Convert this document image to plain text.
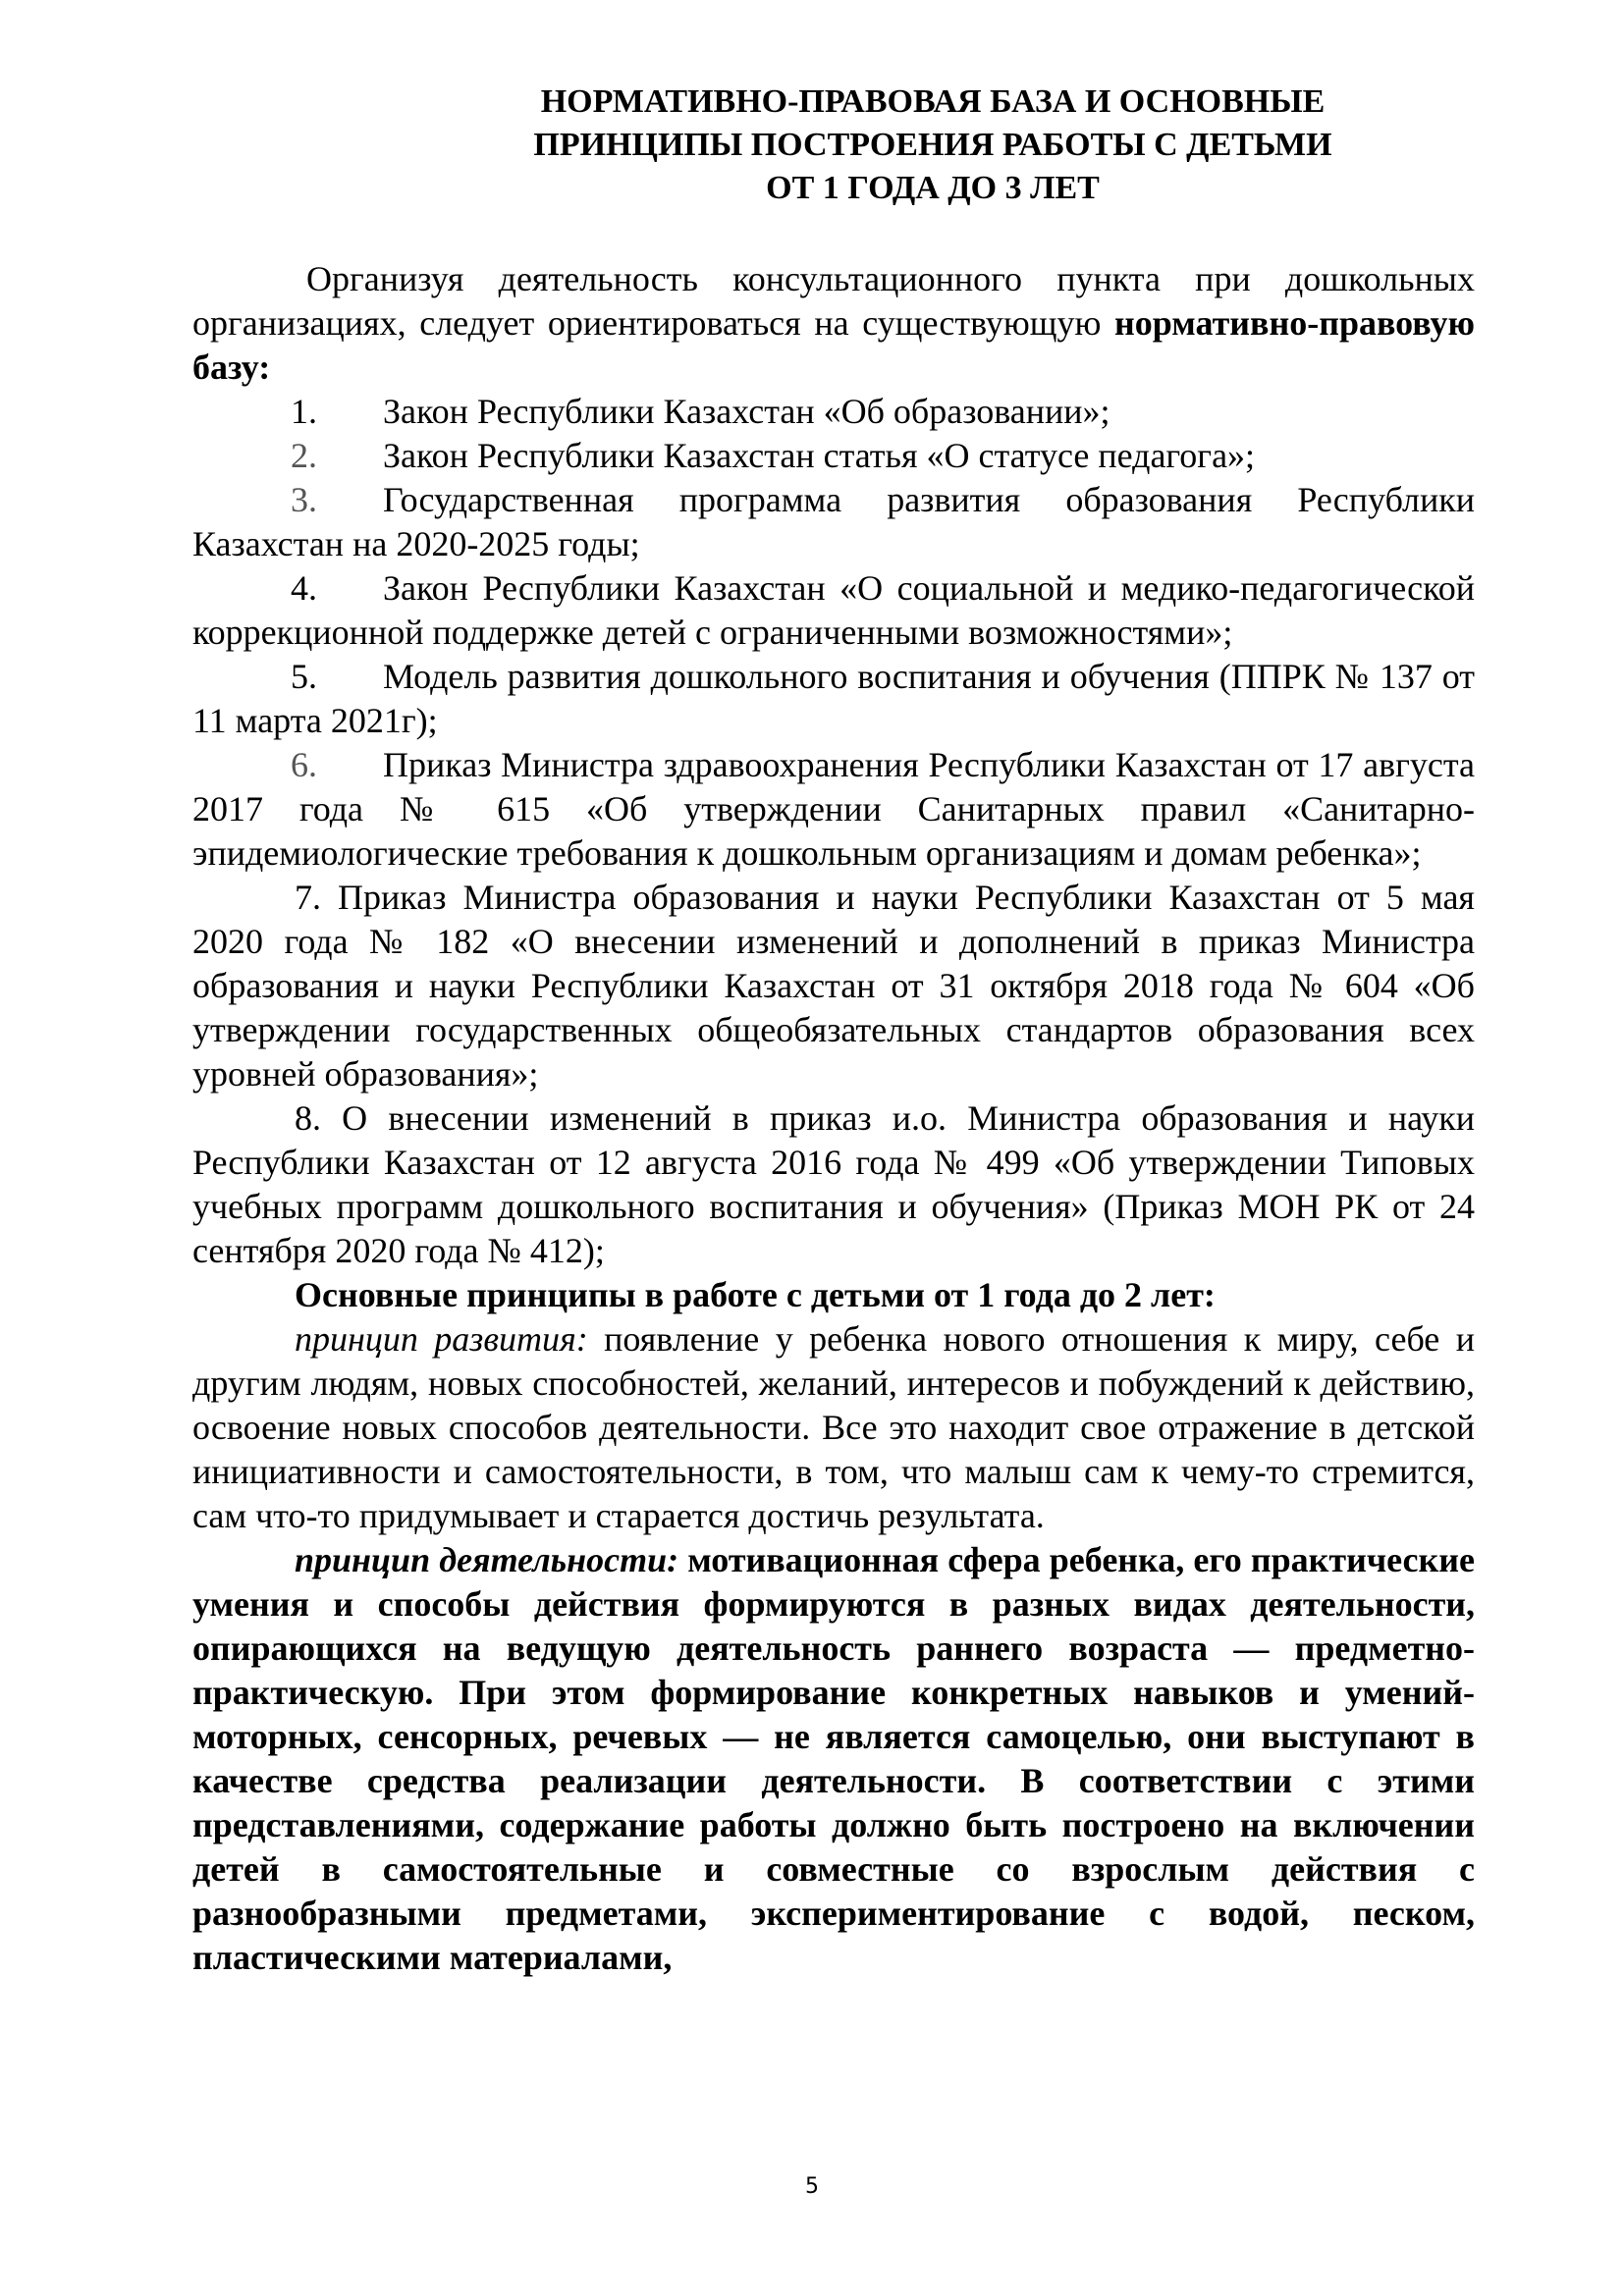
НОРМАТИВНО-ПРАВОВАЯ БАЗА И ОСНОВНЫЕ
ПРИНЦИПЫ ПОСТРОЕНИЯ РАБОТЫ С ДЕТЬМИ
ОТ 1 ГОДА ДО 3 ЛЕТ

Организуя деятельность консультационного пункта при дошкольных организациях, следует ориентироваться на существующую нормативно-правовую базу:

1. Закон Республики Казахстан «Об образовании»;

2. Закон Республики Казахстан статья «О статусе педагога»;

3. Государственная программа развития образования Республики Казахстан на 2020-2025 годы;

4. Закон Республики Казахстан «О социальной и медико-педагогической коррекционной поддержке детей с ограниченными возможностями»;

5. Модель развития дошкольного воспитания и обучения (ППРК № 137 от 11 марта 2021г);

6. Приказ Министра здравоохранения Республики Казахстан от 17 августа 2017 года № 615 «Об утверждении Санитарных правил «Санитарно-эпидемиологические требования к дошкольным организациям и домам ребенка»;

7. Приказ Министра образования и науки Республики Казахстан от 5 мая 2020 года № 182 «О внесении изменений и дополнений в приказ Министра образования и науки Республики Казахстан от 31 октября 2018 года № 604 «Об утверждении государственных общеобязательных стандартов образования всех уровней образования»;

8. О внесении изменений в приказ и.о. Министра образования и науки Республики Казахстан от 12 августа 2016 года № 499 «Об утверждении Типовых учебных программ дошкольного воспитания и обучения» (Приказ МОН РК от 24 сентября 2020 года № 412);

Основные принципы в работе с детьми от 1 года до 2 лет:

принцип развития: появление у ребенка нового отношения к миру, себе и другим людям, новых способностей, желаний, интересов и побуждений к действию, освоение новых способов деятельности. Все это находит свое отражение в детской инициативности и самостоятельности, в том, что малыш сам к чему-то стремится, сам что-то придумывает и старается достичь результата.

принцип деятельности: мотивационная сфера ребенка, его практические умения и способы действия формируются в разных видах деятельности, опирающихся на ведущую деятельность раннего возраста — предметно-практическую. При этом формирование конкретных навыков и умений- моторных, сенсорных, речевых — не является самоцелью, они выступают в качестве средства реализации деятельности. В соответствии с этими представлениями, содержание работы должно быть построено на включении детей в самостоятельные и совместные со взрослым действия с разнообразными предметами, экспериментирование с водой, песком, пластическими материалами,

5
